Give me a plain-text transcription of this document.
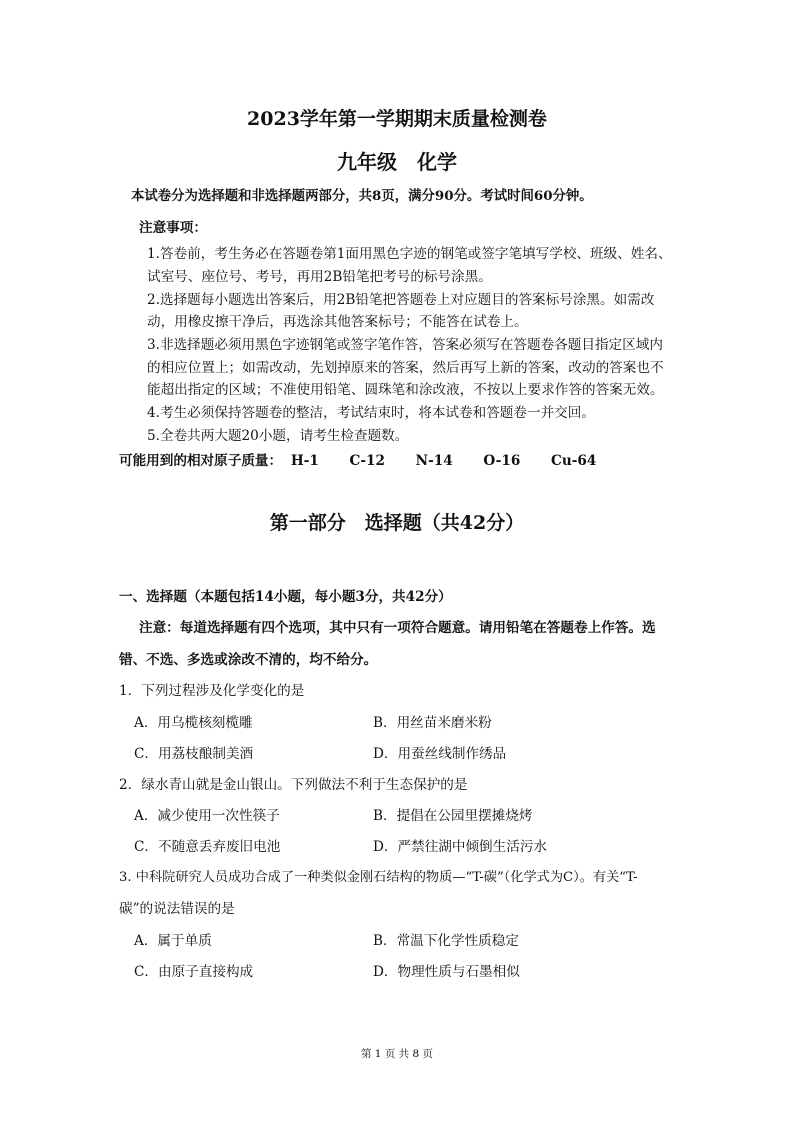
2023学年第一学期期末质量检测卷
九年级　化学
本试卷分为选择题和非选择题两部分，共8页，满分90分。考试时间60分钟。
注意事项：
1.答卷前，考生务必在答题卷第1面用黑色字迹的钢笔或签字笔填写学校、班级、姓名、
试室号、座位号、考号，再用2B铅笔把考号的标号涂黑。
2.选择题每小题选出答案后，用2B铅笔把答题卷上对应题目的答案标号涂黑。如需改
动，用橡皮擦干净后，再选涂其他答案标号；不能答在试卷上。
3.非选择题必须用黑色字迹钢笔或签字笔作答，答案必须写在答题卷各题目指定区域内
的相应位置上；如需改动，先划掉原来的答案，然后再写上新的答案，改动的答案也不
能超出指定的区域；不准使用铅笔、圆珠笔和涂改液，不按以上要求作答的答案无效。
4.考生必须保持答题卷的整洁，考试结束时，将本试卷和答题卷一并交回。
5.全卷共两大题20小题，请考生检查题数。
可能用到的相对原子质量： H-1 C-12 N-14 O-16 Cu-64
第一部分　选择题（共42分）
一、选择题（本题包括14小题，每小题3分，共42分）
注意：每道选择题有四个选项，其中只有一项符合题意。请用铅笔在答题卷上作答。选
错、不选、多选或涂改不清的，均不给分。
1．下列过程涉及化学变化的是
A．用乌榄核刻榄雕	B．用丝苗米磨米粉
C．用荔枝酿制美酒	D．用蚕丝线制作绣品
2．绿水青山就是金山银山。下列做法不利于生态保护的是
A．减少使用一次性筷子	B．提倡在公园里摆摊烧烤
C．不随意丢弃废旧电池	D．严禁往湖中倾倒生活污水
3. 中科院研究人员成功合成了一种类似金刚石结构的物质—“T-碳”（化学式为C）。有关“T-
碳”的说法错误的是
A．属于单质	B．常温下化学性质稳定
C．由原子直接构成	D．物理性质与石墨相似
第 1 页 共 8 页
